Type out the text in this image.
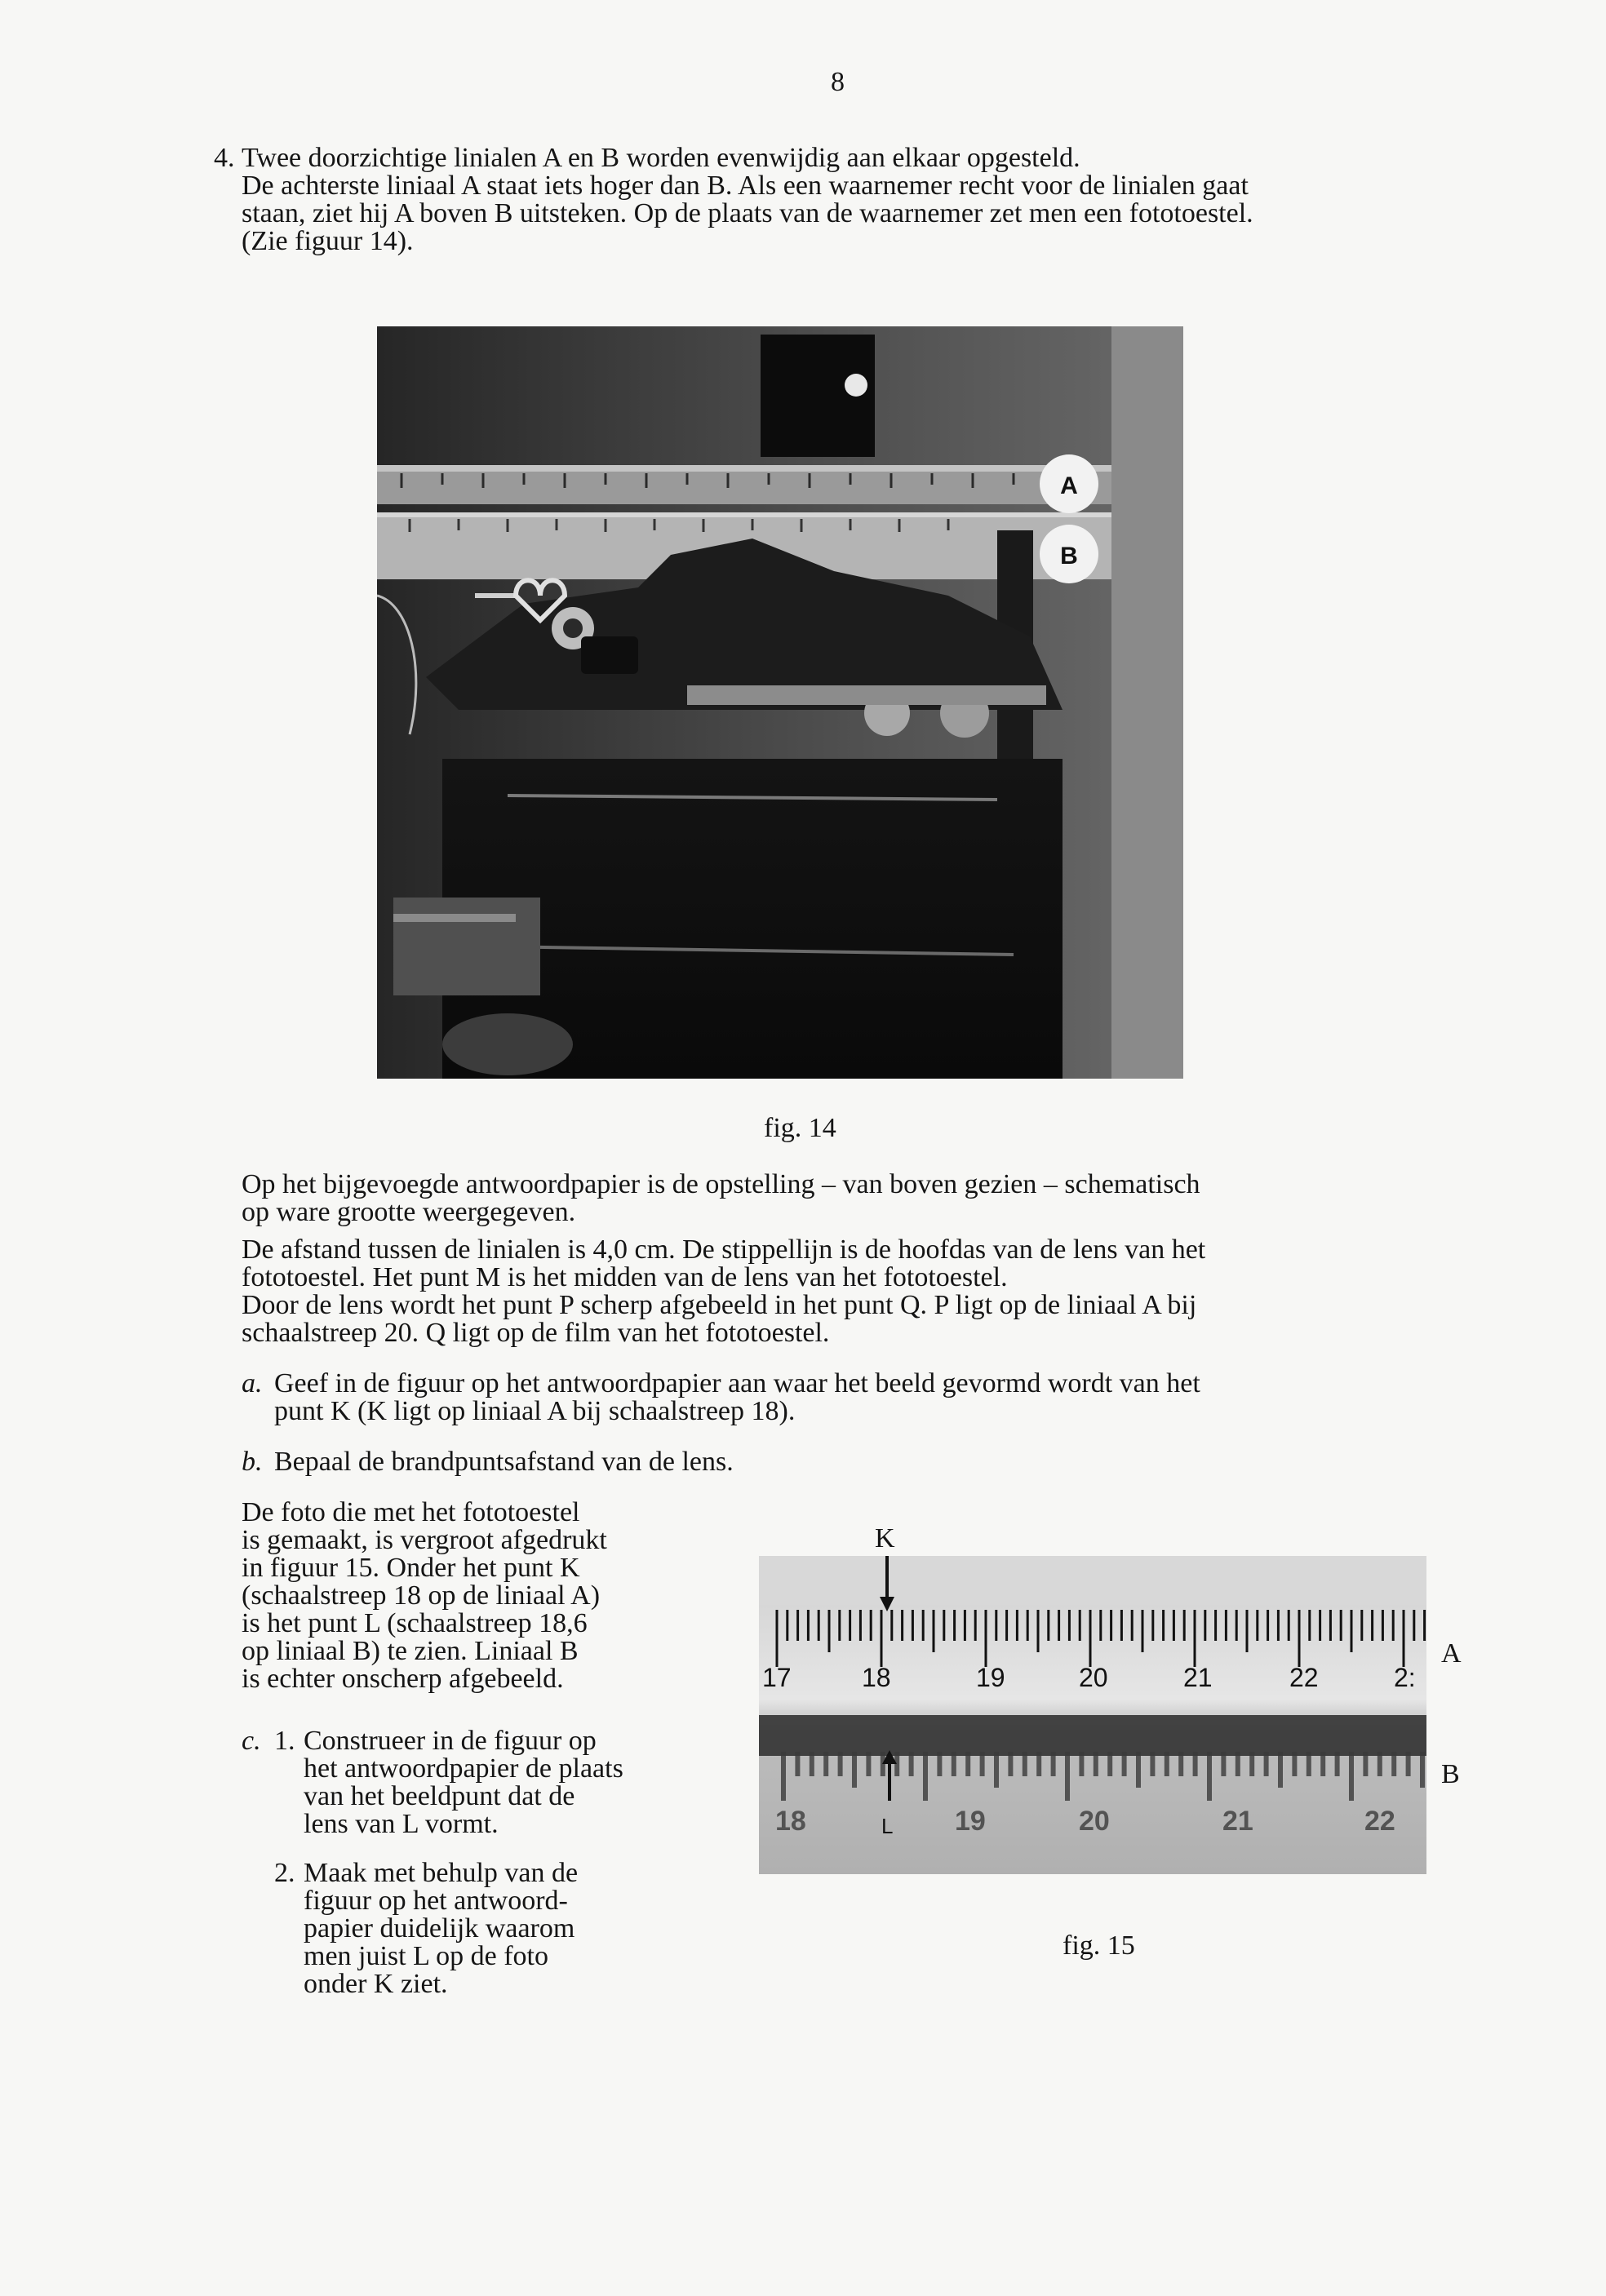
8
4. Twee doorzichtige linialen A en B worden evenwijdig aan elkaar opgesteld.
De achterste liniaal A staat iets hoger dan B. Als een waarnemer recht voor de linialen gaat
staan, ziet hij A boven B uitsteken. Op de plaats van de waarnemer zet men een fototoestel.
(Zie figuur 14).
A
B
fig. 14
Op het bijgevoegde antwoordpapier is de opstelling – van boven gezien – schematisch
op ware grootte weergegeven.
De afstand tussen de linialen is 4,0 cm. De stippellijn is de hoofdas van de lens van het
fototoestel. Het punt M is het midden van de lens van het fototoestel.
Door de lens wordt het punt P scherp afgebeeld in het punt Q. P ligt op de liniaal A bij
schaalstreep 20. Q ligt op de film van het fototoestel.
a. Geef in de figuur op het antwoordpapier aan waar het beeld gevormd wordt van het
punt K (K ligt op liniaal A bij schaalstreep 18).
b. Bepaal de brandpuntsafstand van de lens.
De foto die met het fototoestel
is gemaakt, is vergroot afgedrukt
in figuur 15. Onder het punt K
(schaalstreep 18 op de liniaal A)
is het punt L (schaalstreep 18,6
op liniaal B) te zien. Liniaal B
is echter onscherp afgebeeld.
c. 1. Construeer in de figuur op
het antwoordpapier de plaats
van het beeldpunt dat de
lens van L vormt.
2. Maak met behulp van de
figuur op het antwoord-
papier duidelijk waarom
men juist L op de foto
onder K ziet.
K
17	18	19	20	21	22	2:
18	19	20	21	22
L
A
B
fig. 15
